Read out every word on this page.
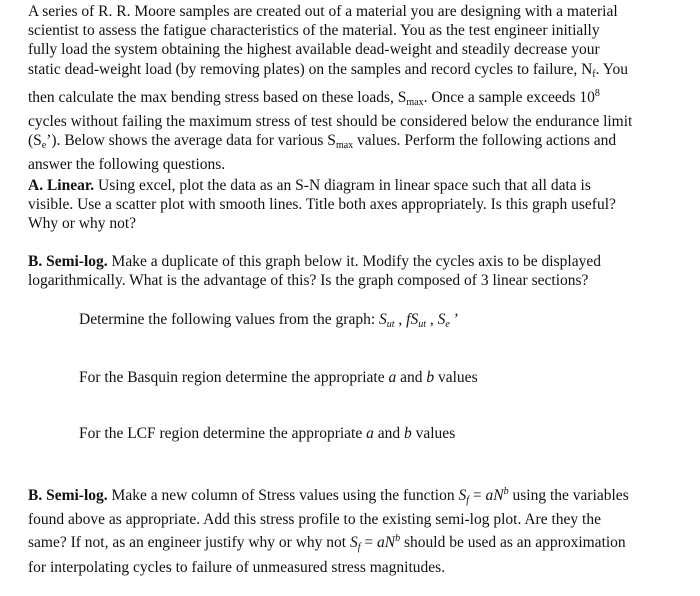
A series of R. R. Moore samples are created out of a material you are designing with a material
scientist to assess the fatigue characteristics of the material. You as the test engineer initially
fully load the system obtaining the highest available dead-weight and steadily decrease your
static dead-weight load (by removing plates) on the samples and record cycles to failure, $N_f$. You
then calculate the max bending stress based on these loads, $S_{max}$. Once a sample exceeds $10^8$
cycles without failing the maximum stress of test should be considered below the endurance limit
$(S_e’)$. Below shows the average data for various $S_{max}$ values. Perform the following actions and
answer the following questions.
A. Linear. Using excel, plot the data as an S-N diagram in linear space such that all data is
visible. Use a scatter plot with smooth lines. Title both axes appropriately. Is this graph useful?
Why or why not?
B. Semi-log. Make a duplicate of this graph below it. Modify the cycles axis to be displayed
logarithmically. What is the advantage of this? Is the graph composed of 3 linear sections?
Determine the following values from the graph: $S_{ut}$ , $fS_{ut}$ , $S_e$ ’
For the Basquin region determine the appropriate a and b values
For the LCF region determine the appropriate a and b values
B. Semi-log. Make a new column of Stress values using the function $S_f = aN^b$ using the variables
found above as appropriate. Add this stress profile to the existing semi-log plot. Are they the
same? If not, as an engineer justify why or why not $S_f = aN^b$ should be used as an approximation
for interpolating cycles to failure of unmeasured stress magnitudes.
